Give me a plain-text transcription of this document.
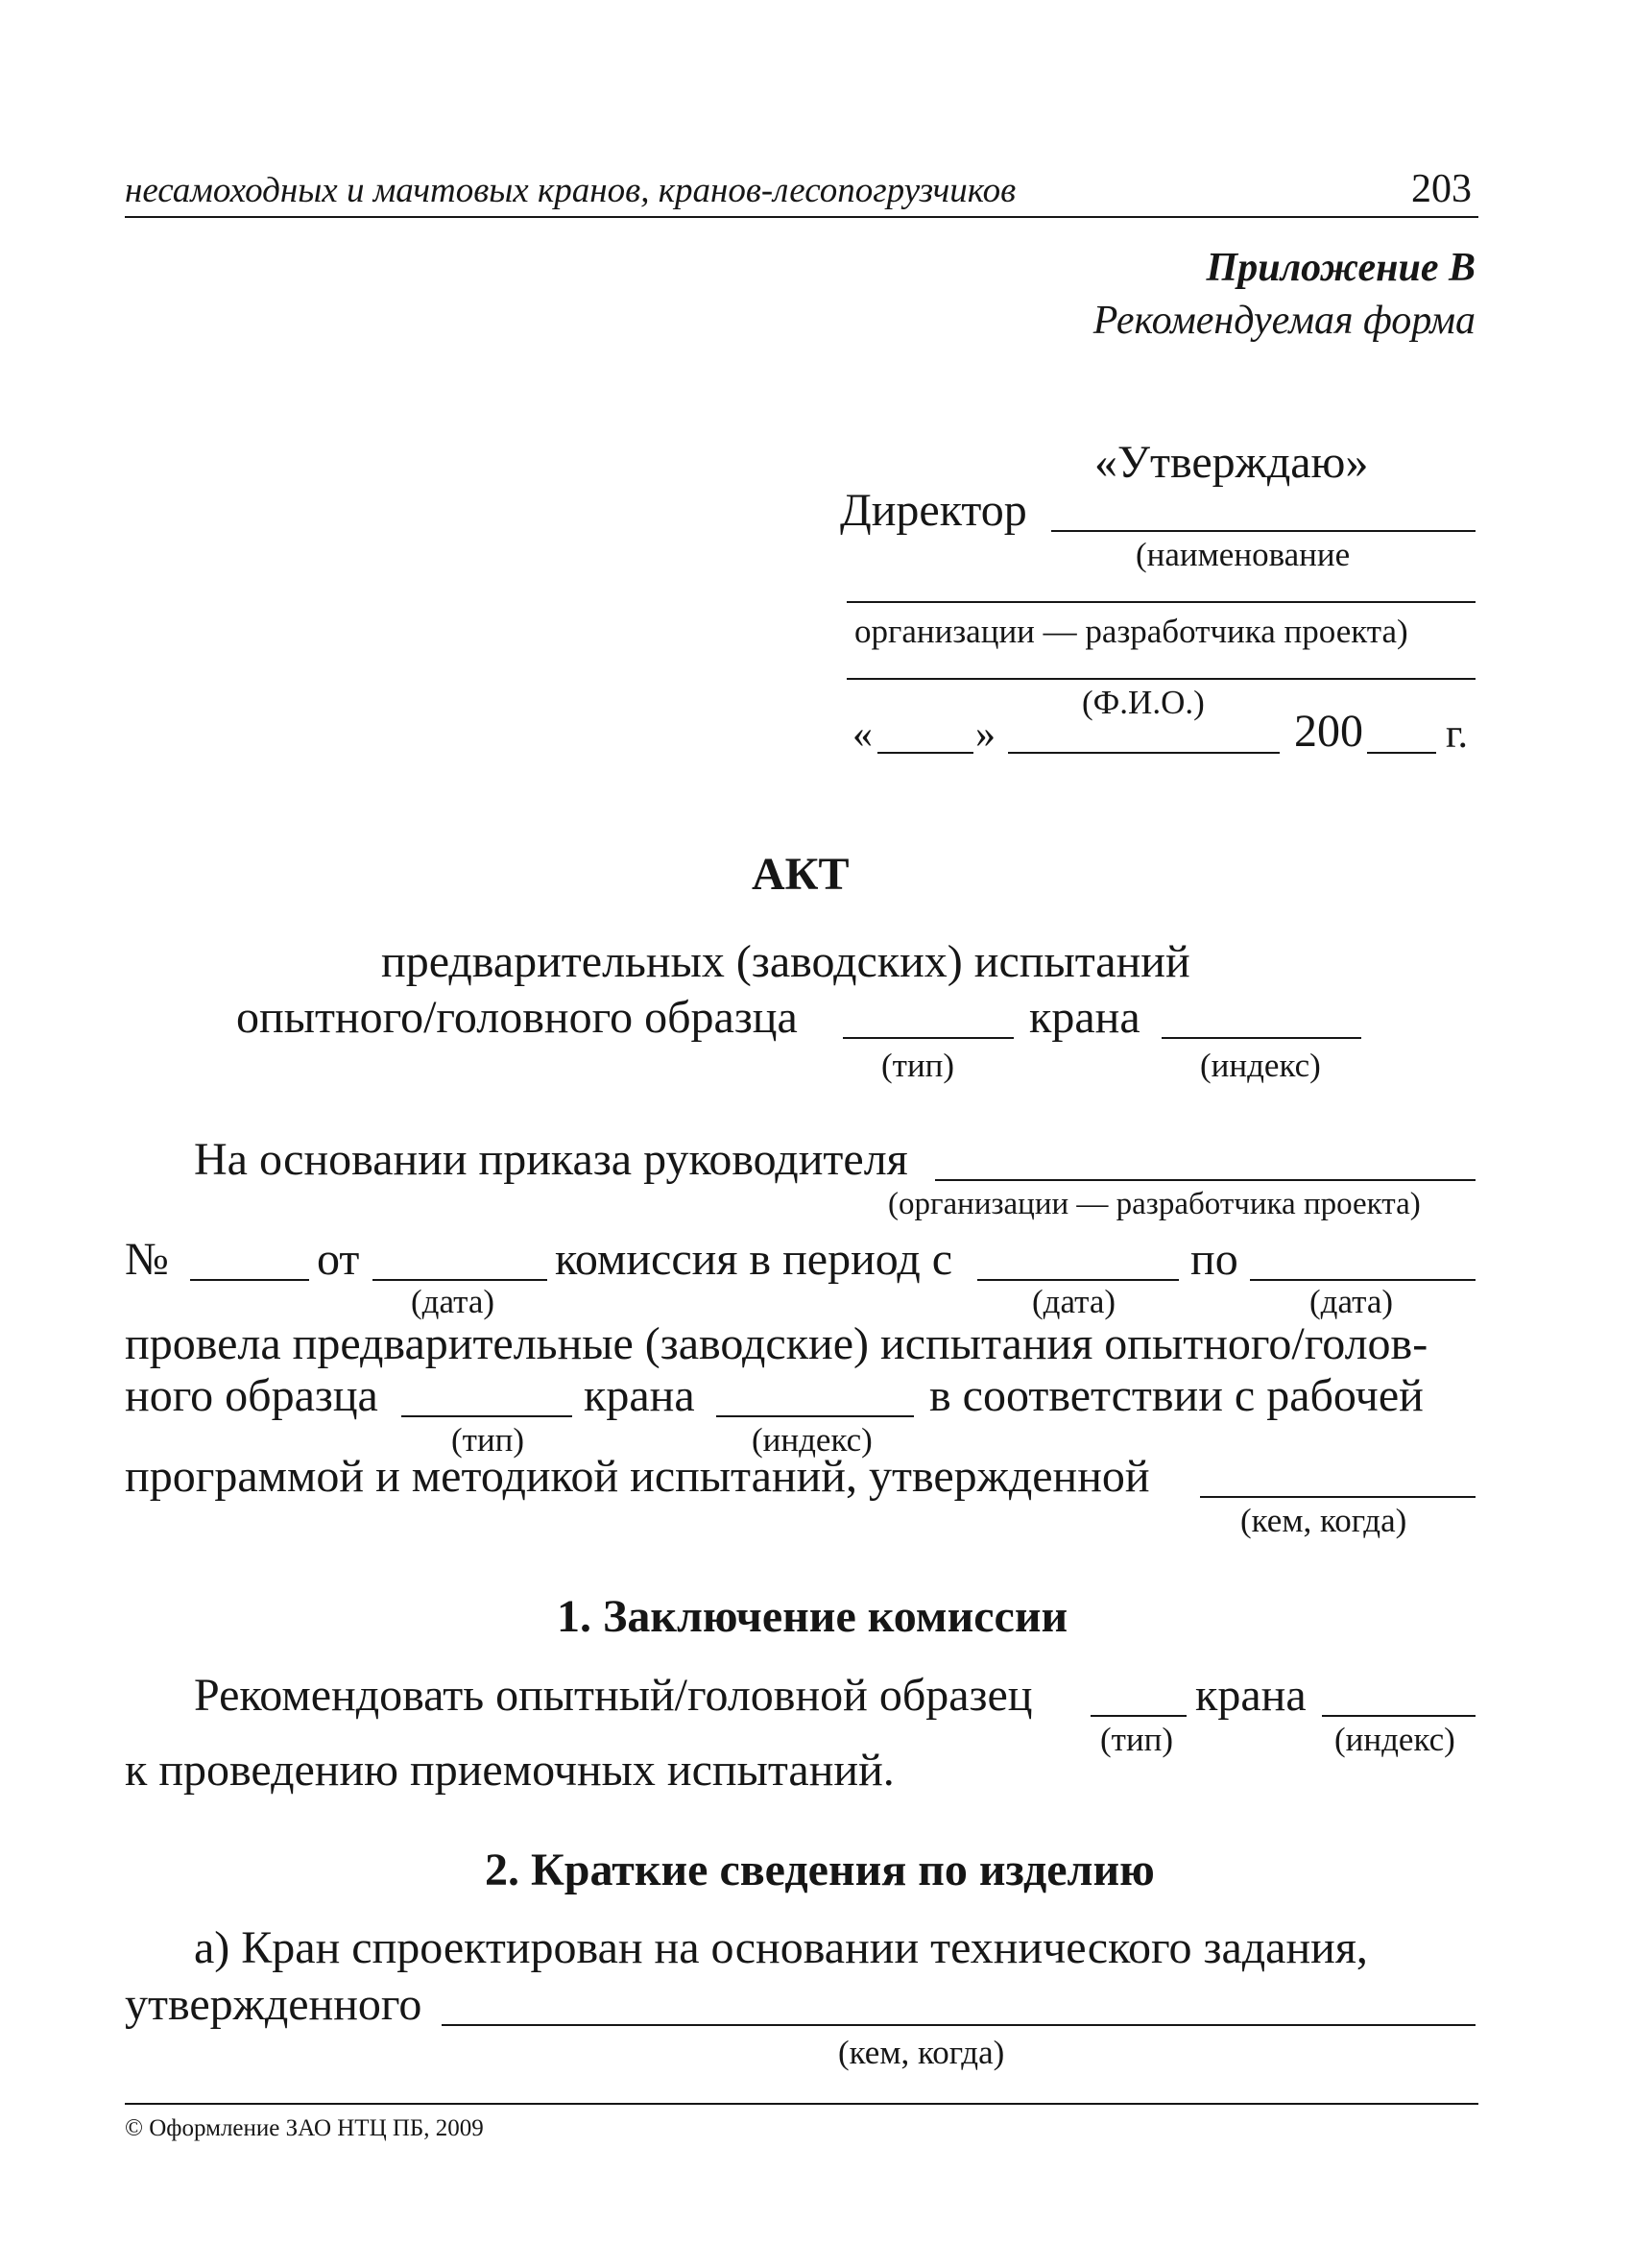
несамоходных и мачтовых кранов, кранов-лесопогрузчиков	203
Приложение В
Рекомендуемая форма
«Утверждаю»
Директор
(наименование
организации — разработчика проекта)
(Ф.И.О.)
«	»	200 г.
АКТ
предварительных (заводских) испытаний
опытного/головного образца	крана
(тип)	(индекс)
На основании приказа руководителя
(организации — разработчика проекта)
№	от	комиссия в период с	по
(дата)	(дата)	(дата)
провела предварительные (заводские) испытания опытного/голов-
ного образца	крана	в соответствии с рабочей
(тип)	(индекс)
программой и методикой испытаний, утвержденной
(кем, когда)
1. Заключение комиссии
Рекомендовать опытный/головной образец	крана
(тип)	(индекс)
к проведению приемочных испытаний.
2. Краткие сведения по изделию
а) Кран спроектирован на основании технического задания,
утвержденного
(кем, когда)
© Оформление ЗАО НТЦ ПБ, 2009
